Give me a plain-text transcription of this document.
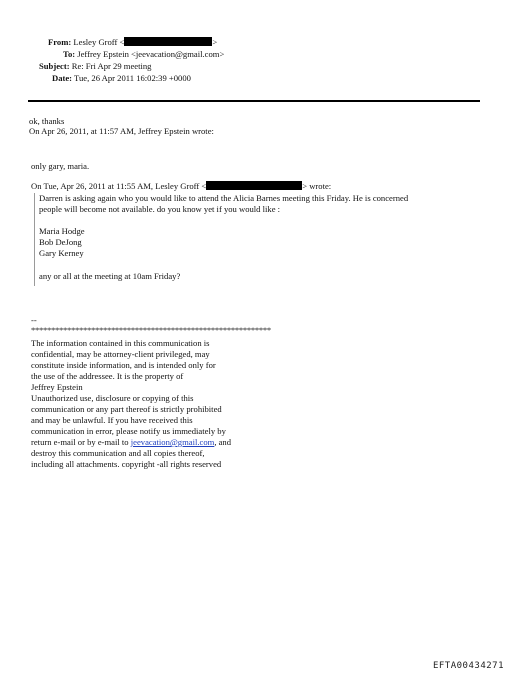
From: Lesley Groff <	>
To: Jeffrey Epstein <jeevacation@gmail.com>
Subject: Re: Fri Apr 29 meeting
Date: Tue, 26 Apr 2011 16:02:39 +0000
ok, thanks
On Apr 26, 2011, at 11:57 AM, Jeffrey Epstein wrote:
only gary, maria.
On Tue, Apr 26, 2011 at 11:55 AM, Lesley Groff <	> wrote:
Darren is asking again who you would like to attend the Alicia Barnes meeting this Friday. He is concerned
people will become not available. do you know yet if you would like :
Maria Hodge
Bob DeJong
Gary Kerney
any or all at the meeting at 10am Friday?
--
************************************************************
The information contained in this communication is
confidential, may be attorney-client privileged, may
constitute inside information, and is intended only for
the use of the addressee. It is the property of
Jeffrey Epstein
Unauthorized use, disclosure or copying of this
communication or any part thereof is strictly prohibited
and may be unlawful. If you have received this
communication in error, please notify us immediately by
return e-mail or by e-mail to jeevacation@gmail.com, and
destroy this communication and all copies thereof,
including all attachments. copyright -all rights reserved
EFTA00434271
